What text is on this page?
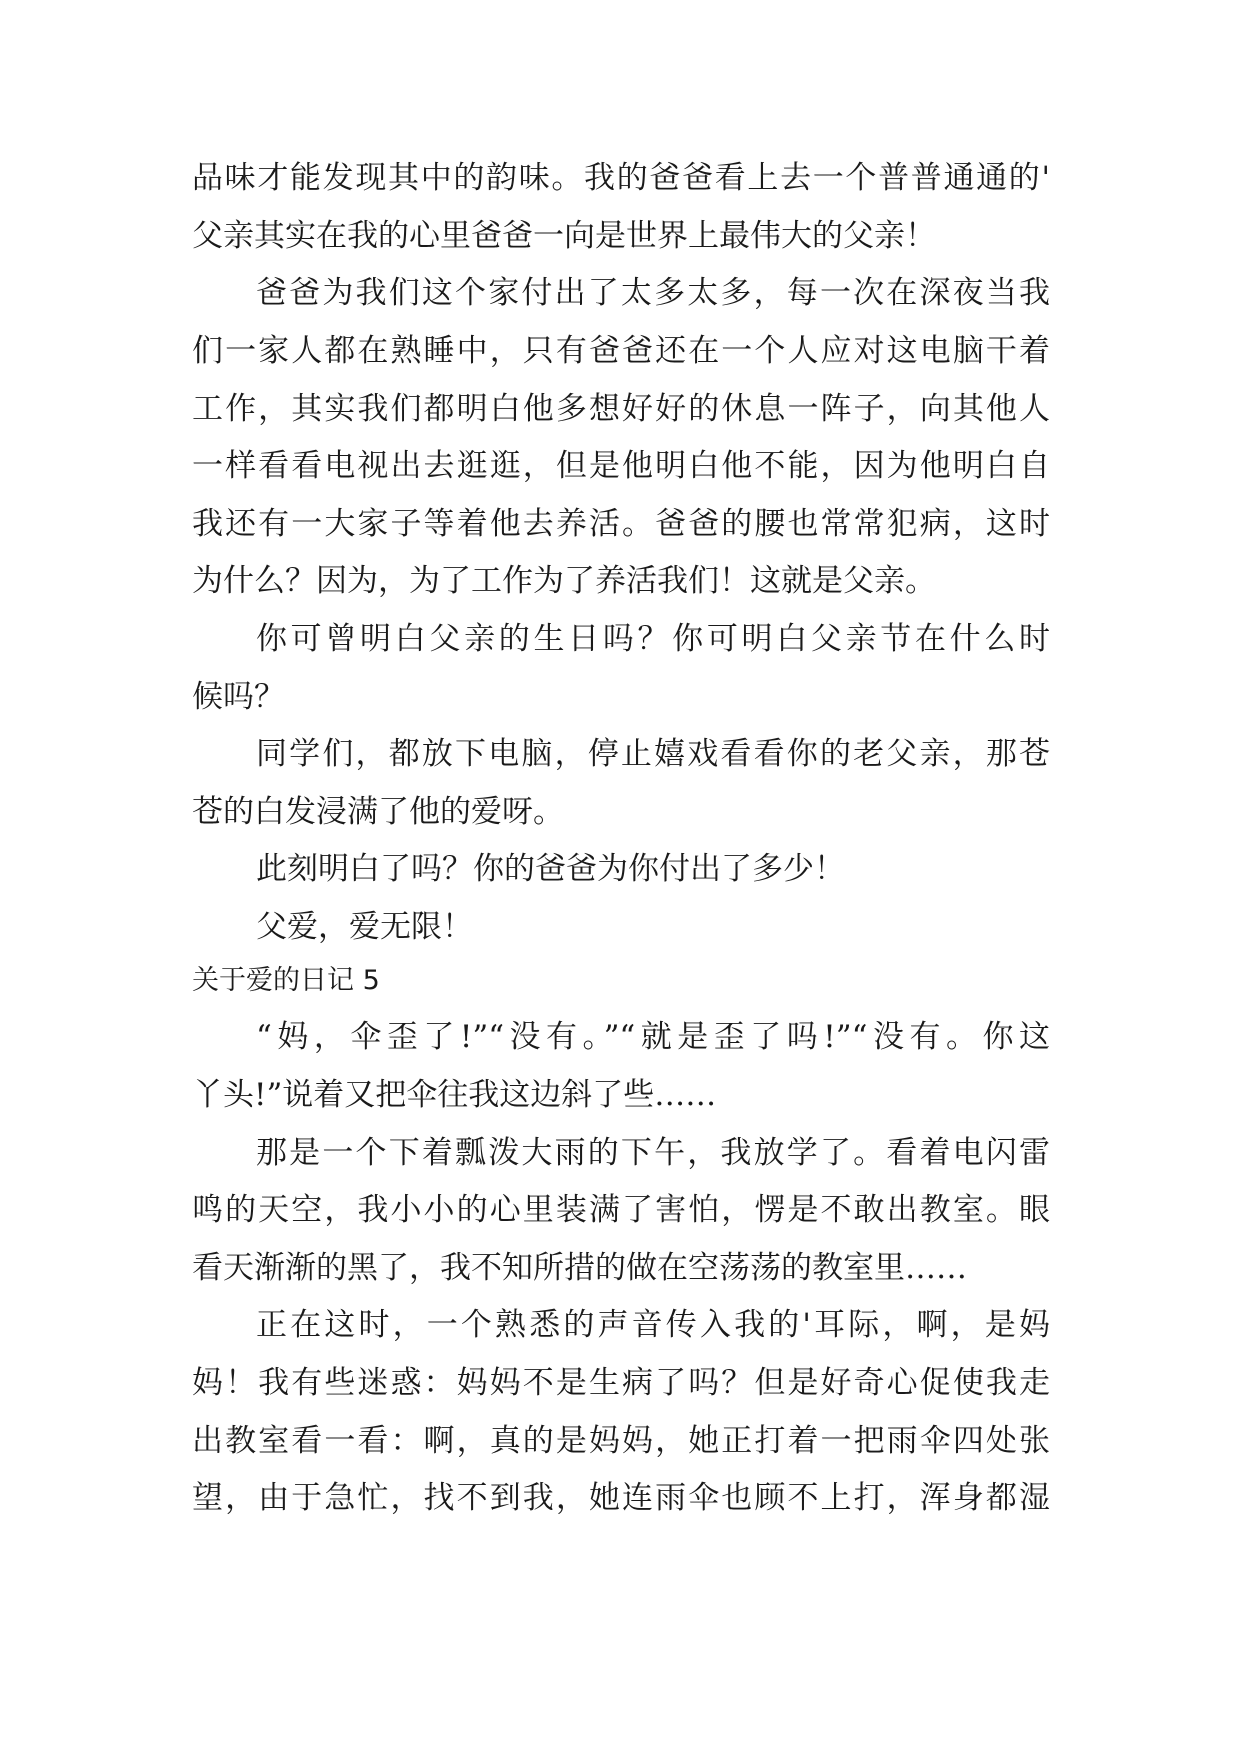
品味才能发现其中的韵味。我的爸爸看上去一个普普通通的'
父亲其实在我的心里爸爸一向是世界上最伟大的父亲！
爸爸为我们这个家付出了太多太多，每一次在深夜当我
们一家人都在熟睡中，只有爸爸还在一个人应对这电脑干着
工作，其实我们都明白他多想好好的休息一阵子，向其他人
一样看看电视出去逛逛，但是他明白他不能，因为他明白自
我还有一大家子等着他去养活。爸爸的腰也常常犯病，这时
为什么？因为，为了工作为了养活我们！这就是父亲。
你可曾明白父亲的生日吗？你可明白父亲节在什么时
候吗？
同学们，都放下电脑，停止嬉戏看看你的老父亲，那苍
苍的白发浸满了他的爱呀。
此刻明白了吗？你的爸爸为你付出了多少！
父爱，爱无限！
关于爱的日记 5
“妈，伞歪了!”“没有。”“就是歪了吗!”“没有。你这
丫头!”说着又把伞往我这边斜了些……
那是一个下着瓢泼大雨的下午，我放学了。看着电闪雷
鸣的天空，我小小的心里装满了害怕，愣是不敢出教室。眼
看天渐渐的黑了，我不知所措的做在空荡荡的教室里……
正在这时，一个熟悉的声音传入我的'耳际，啊，是妈
妈！我有些迷惑：妈妈不是生病了吗？但是好奇心促使我走
出教室看一看：啊，真的是妈妈，她正打着一把雨伞四处张
望，由于急忙，找不到我，她连雨伞也顾不上打，浑身都湿
